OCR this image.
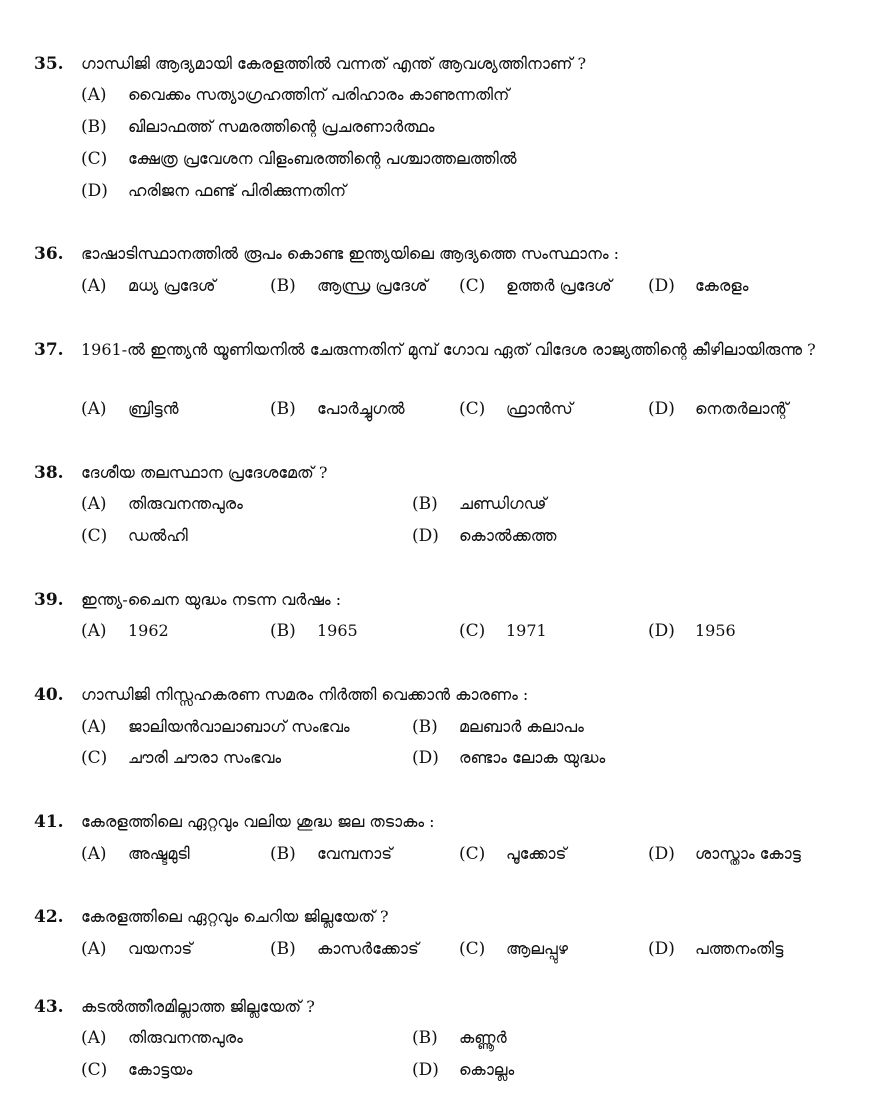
35. ഗാന്ധിജി ആദ്യമായി കേരളത്തിൽ വന്നത് എന്ത് ആവശ്യത്തിനാണ് ?
(A) വൈക്കം സത്യാഗ്രഹത്തിന് പരിഹാരം കാണുന്നതിന്
(B) ഖിലാഫത്ത് സമരത്തിന്റെ പ്രചരണാർത്ഥം
(C) ക്ഷേത്ര പ്രവേശന വിളംബരത്തിന്റെ പശ്ചാത്തലത്തിൽ
(D) ഹരിജന ഫണ്ട് പിരിക്കുന്നതിന്
36. ഭാഷാടിസ്ഥാനത്തിൽ രൂപം കൊണ്ട ഇന്ത്യയിലെ ആദ്യത്തെ സംസ്ഥാനം :
(A) മധ്യ പ്രദേശ്	(B) ആന്ധ്ര പ്രദേശ് (C) ഉത്തർ പ്രദേശ് (D) കേരളം
37. 1961-ൽ ഇന്ത്യൻ യൂണിയനിൽ ചേരുന്നതിന് മുമ്പ് ഗോവ ഏത് വിദേശ രാജ്യത്തിന്റെ കീഴിലായിരുന്നു ?
(A) ബ്രിട്ടൻ	(B) പോർച്ചുഗൽ	(C) ഫ്രാൻസ്	(D) നെതർലാന്റ്
38. ദേശീയ തലസ്ഥാന പ്രദേശമേത് ?
(A) തിരുവനന്തപുരം	(B) ചണ്ഡിഗഢ്
(C) ഡൽഹി	(D) കൊൽക്കത്ത
39. ഇന്ത്യ-ചൈന യുദ്ധം നടന്ന വർഷം :
(A) 1962	(B) 1965	(C) 1971	(D) 1956
40. ഗാന്ധിജി നിസ്സഹകരണ സമരം നിർത്തി വെക്കാൻ കാരണം :
(A) ജാലിയൻവാലാബാഗ് സംഭവം	(B) മലബാർ കലാപം
(C) ചൗരി ചൗരാ സംഭവം	(D) രണ്ടാം ലോക യുദ്ധം
41. കേരളത്തിലെ ഏറ്റവും വലിയ ശുദ്ധ ജല തടാകം :
(A) അഷ്ടമുടി	(B) വേമ്പനാട്	(C) പൂക്കോട്	(D) ശാസ്താം കോട്ട
42. കേരളത്തിലെ ഏറ്റവും ചെറിയ ജില്ലയേത് ?
(A) വയനാട്	(B) കാസർക്കോട് (C) ആലപ്പുഴ	(D) പത്തനംതിട്ട
43. കടൽത്തീരമില്ലാത്ത ജില്ലയേത് ?
(A) തിരുവനന്തപുരം	(B) കണ്ണൂർ
(C) കോട്ടയം	(D) കൊല്ലം
